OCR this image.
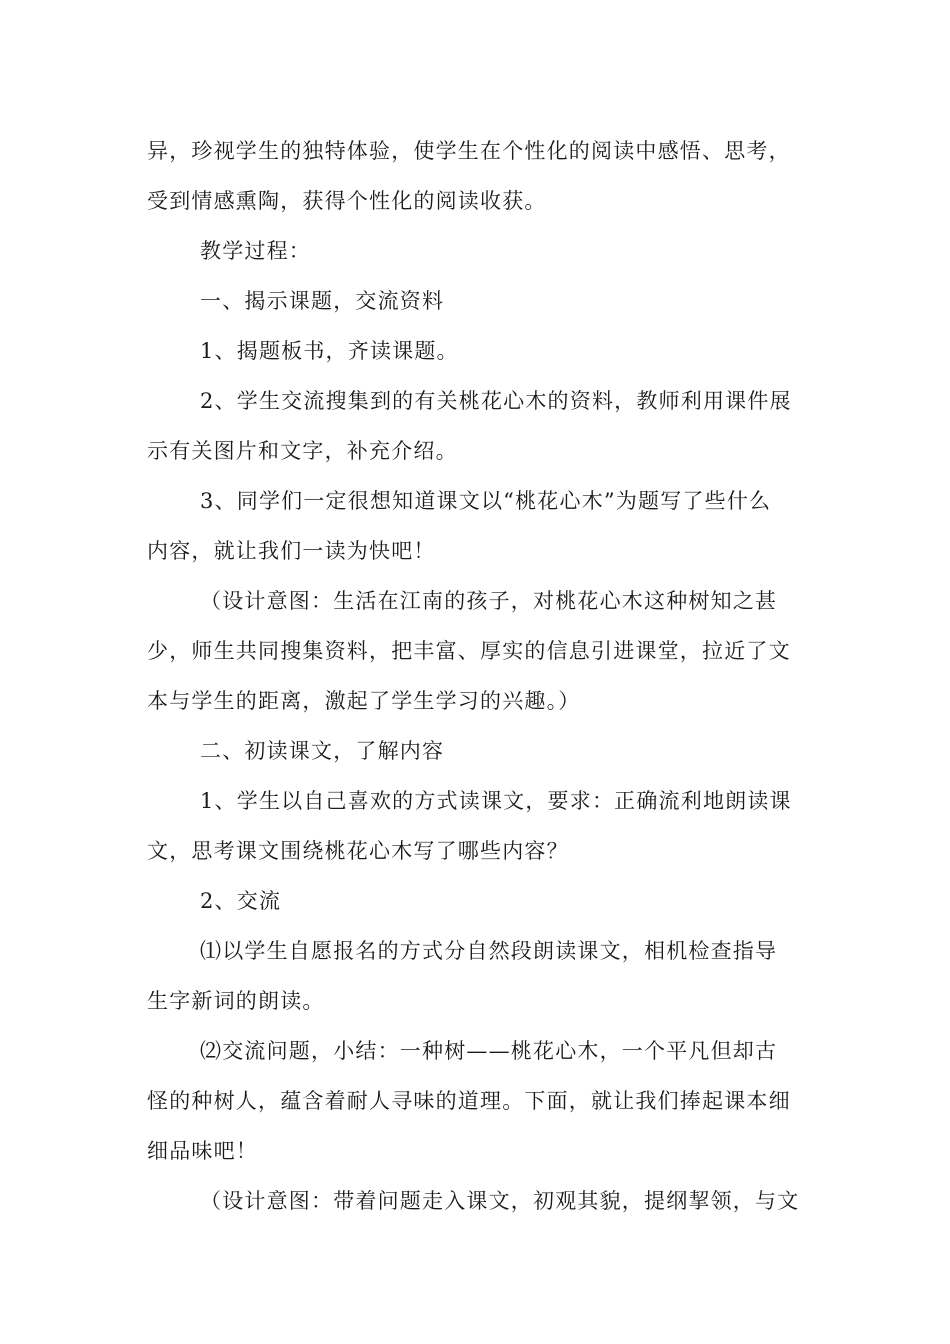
异，珍视学生的独特体验，使学生在个性化的阅读中感悟、思考，
受到情感熏陶，获得个性化的阅读收获。
教学过程：
一、揭示课题，交流资料
1、揭题板书，齐读课题。
2、学生交流搜集到的有关桃花心木的资料，教师利用课件展
示有关图片和文字，补充介绍。
3、同学们一定很想知道课文以“桃花心木”为题写了些什么
内容，就让我们一读为快吧！
（设计意图：生活在江南的孩子，对桃花心木这种树知之甚
少，师生共同搜集资料，把丰富、厚实的信息引进课堂，拉近了文
本与学生的距离，激起了学生学习的兴趣。）
二、初读课文，了解内容
1、学生以自己喜欢的方式读课文，要求：正确流利地朗读课
文，思考课文围绕桃花心木写了哪些内容？
2、交流
⑴以学生自愿报名的方式分自然段朗读课文，相机检查指导
生字新词的朗读。
⑵交流问题，小结：一种树——桃花心木，一个平凡但却古
怪的种树人，蕴含着耐人寻味的道理。下面，就让我们捧起课本细
细品味吧！
（设计意图：带着问题走入课文，初观其貌，提纲挈领，与文
